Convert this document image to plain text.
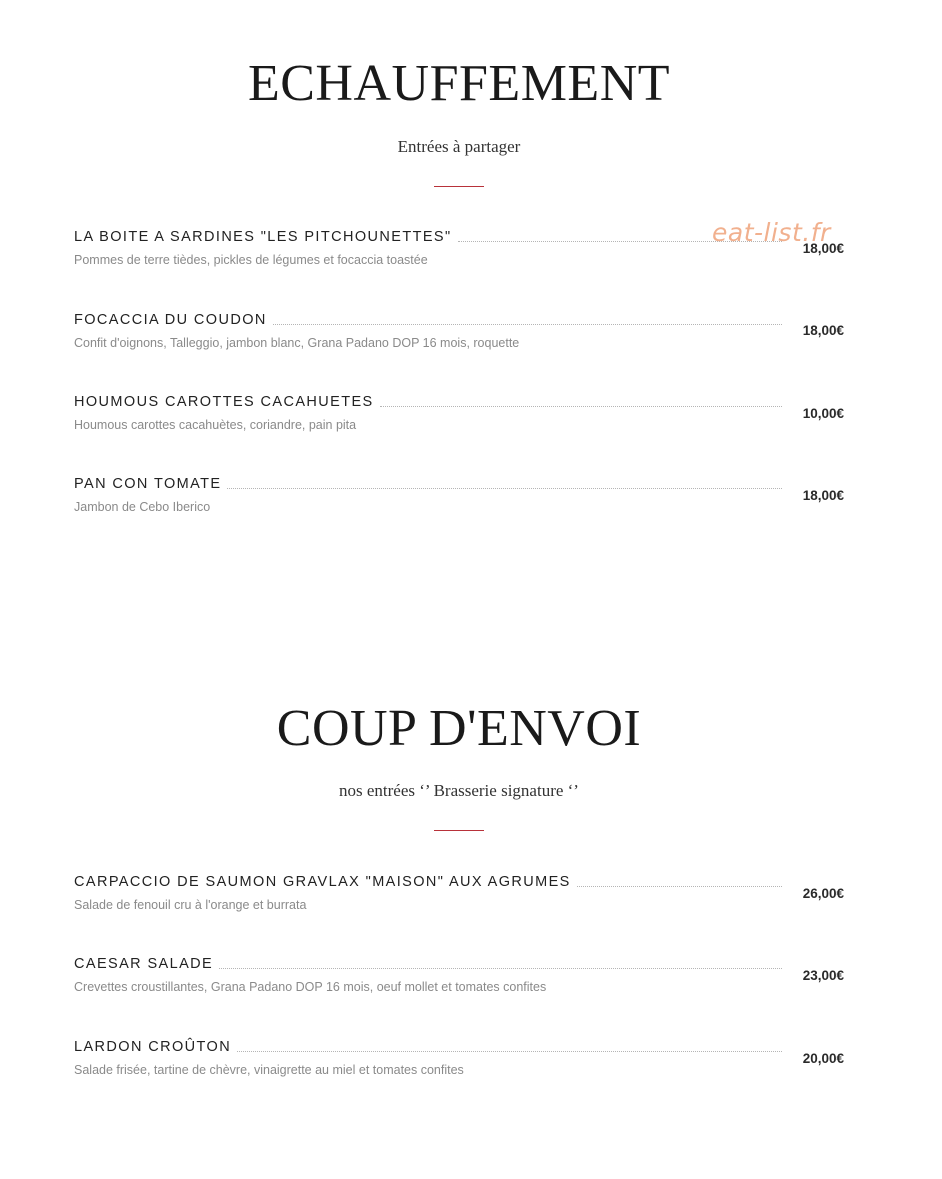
ECHAUFFEMENT

Entrées à partager

LA BOITE A SARDINES "LES PITCHOUNETTES"
18,00€
Pommes de terre tièdes, pickles de légumes et focaccia toastée
FOCACCIA DU COUDON
18,00€
Confit d'oignons, Talleggio, jambon blanc, Grana Padano DOP 16 mois, roquette
HOUMOUS CAROTTES CACAHUETES
10,00€
Houmous carottes cacahuètes, coriandre, pain pita
PAN CON TOMATE
18,00€
Jambon de Cebo Iberico
COUP D'ENVOI

nos entrées ‘’ Brasserie signature ‘’

CARPACCIO DE SAUMON GRAVLAX "MAISON" AUX AGRUMES
26,00€
Salade de fenouil cru à l'orange et burrata
CAESAR SALADE
23,00€
Crevettes croustillantes, Grana Padano DOP 16 mois, oeuf mollet et tomates confites
LARDON CROÛTON
20,00€
Salade frisée, tartine de chèvre, vinaigrette au miel et tomates confites
eat-list.fr
